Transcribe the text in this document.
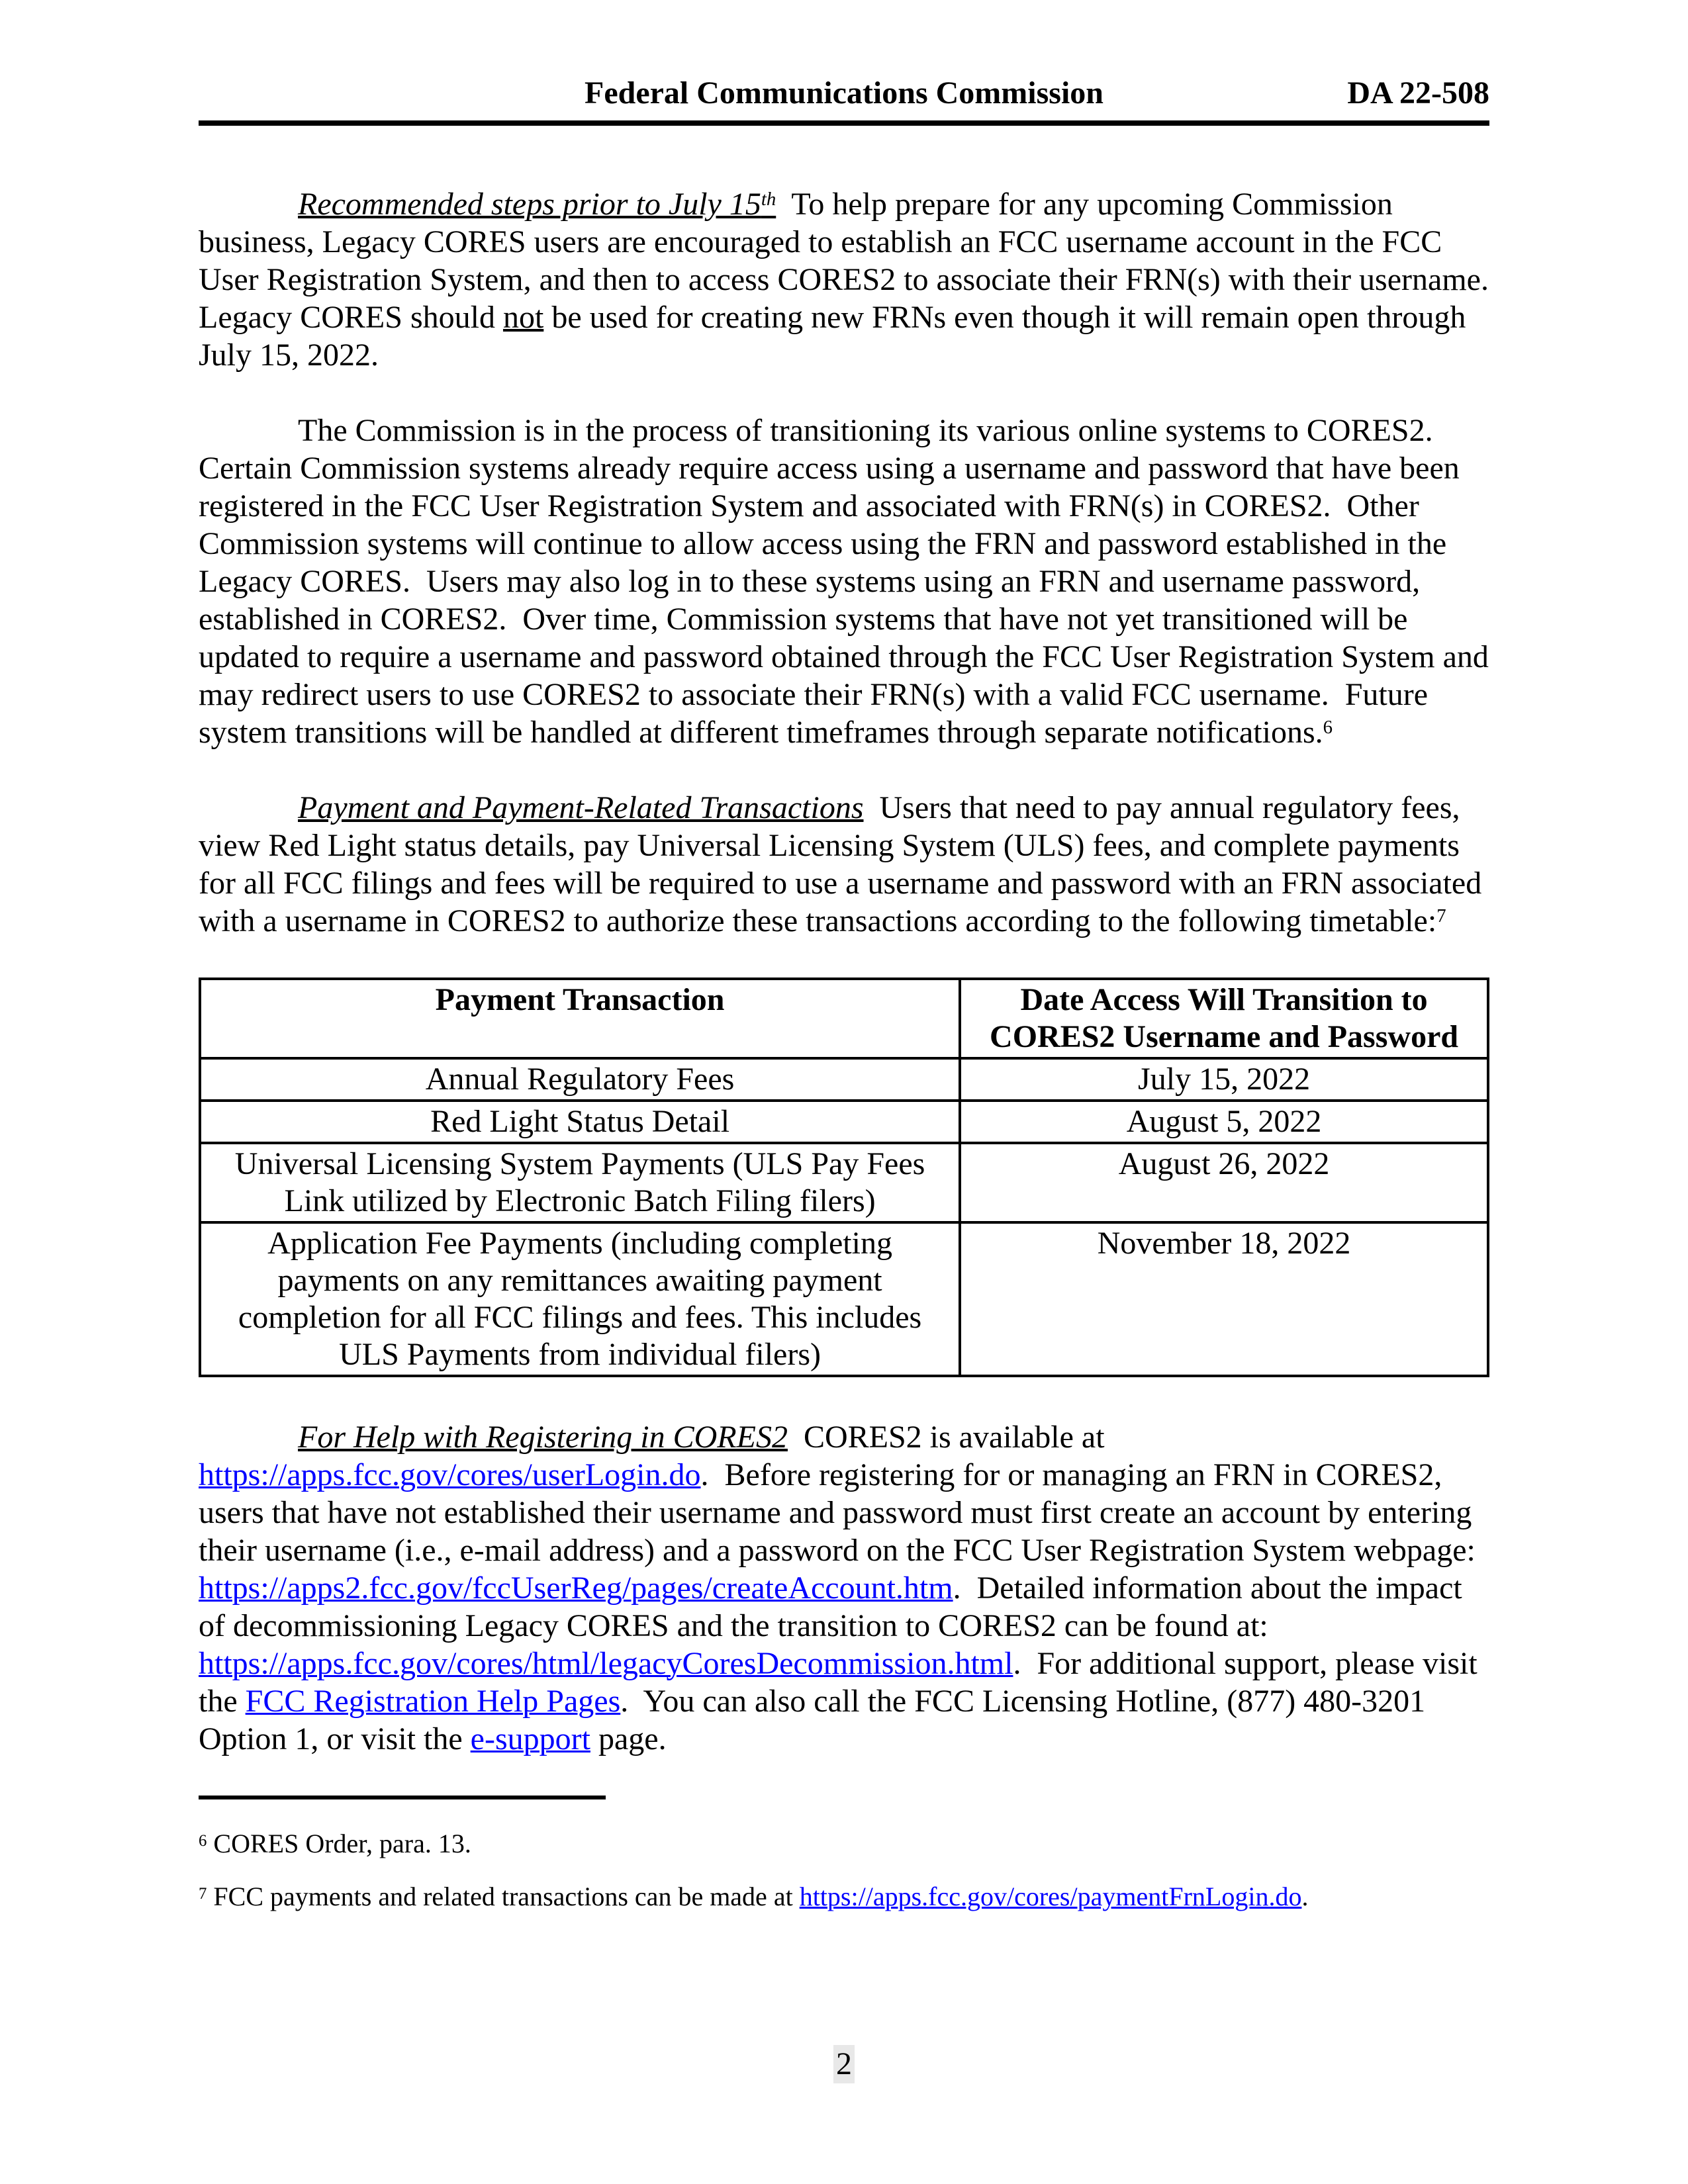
Federal Communications Commission	DA 22-508

Recommended steps prior to July 15th  To help prepare for any upcoming Commission business, Legacy CORES users are encouraged to establish an FCC username account in the FCC User Registration System, and then to access CORES2 to associate their FRN(s) with their username.  Legacy CORES should not be used for creating new FRNs even though it will remain open through July 15, 2022.

The Commission is in the process of transitioning its various online systems to CORES2.  Certain Commission systems already require access using a username and password that have been registered in the FCC User Registration System and associated with FRN(s) in CORES2.  Other Commission systems will continue to allow access using the FRN and password established in the Legacy CORES.  Users may also log in to these systems using an FRN and username password, established in CORES2.  Over time, Commission systems that have not yet transitioned will be updated to require a username and password obtained through the FCC User Registration System and may redirect users to use CORES2 to associate their FRN(s) with a valid FCC username.  Future system transitions will be handled at different timeframes through separate notifications.$^6$

Payment and Payment-Related Transactions  Users that need to pay annual regulatory fees, view Red Light status details, pay Universal Licensing System (ULS) fees, and complete payments for all FCC filings and fees will be required to use a username and password with an FRN associated with a username in CORES2 to authorize these transactions according to the following timetable:$^7$

Payment Transaction	Date Access Will Transition to CORES2 Username and Password
Annual Regulatory Fees	July 15, 2022
Red Light Status Detail	August 5, 2022
Universal Licensing System Payments (ULS Pay Fees Link utilized by Electronic Batch Filing filers)	August 26, 2022
Application Fee Payments (including completing payments on any remittances awaiting payment completion for all FCC filings and fees. This includes ULS Payments from individual filers)	November 18, 2022

For Help with Registering in CORES2  CORES2 is available at https://apps.fcc.gov/cores/userLogin.do.  Before registering for or managing an FRN in CORES2, users that have not established their username and password must first create an account by entering their username (i.e., e-mail address) and a password on the FCC User Registration System webpage: https://apps2.fcc.gov/fccUserReg/pages/createAccount.htm.  Detailed information about the impact of decommissioning Legacy CORES and the transition to CORES2 can be found at: https://apps.fcc.gov/cores/html/legacyCoresDecommission.html.  For additional support, please visit the FCC Registration Help Pages.  You can also call the FCC Licensing Hotline, (877) 480-3201 Option 1, or visit the e-support page.

$^6$ CORES Order, para. 13.
$^7$ FCC payments and related transactions can be made at https://apps.fcc.gov/cores/paymentFrnLogin.do.
2
